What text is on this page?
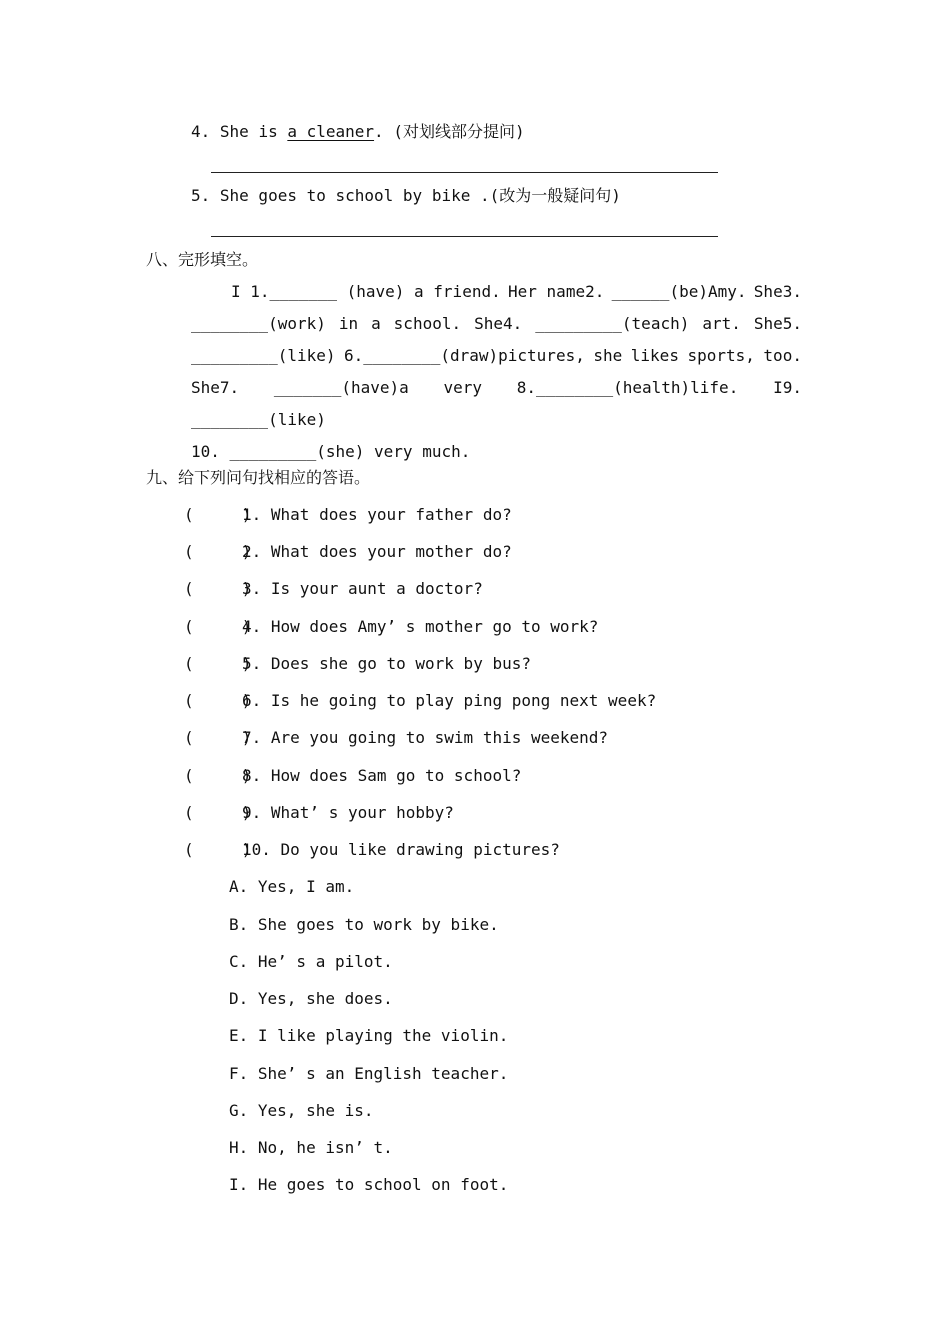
4. She is a cleaner. (对划线部分提问)
5. She goes to school by bike .(改为一般疑问句)
八、完形填空。
I 1._______ (have) a friend. Her name2. ______(be)Amy. She3.
________(work) in a school. She4. _________(teach) art. She5.
_________(like) 6.________(draw)pictures, she likes sports, too.
She7. _______(have)a very 8.________(health)life. I9.
________(like)
10. _________(she) very much.
九、给下列问句找相应的答语。
(     )1. What does your father do?
(     )2. What does your mother do?
(     )3. Is your aunt a doctor?
(     )4. How does Amy’ s mother go to work?
(     )5. Does she go to work by bus?
(     )6. Is he going to play ping pong next week?
(     )7. Are you going to swim this weekend?
(     )8. How does Sam go to school?
(     )9. What’ s your hobby?
(     )10. Do you like drawing pictures?
A. Yes, I am.
B. She goes to work by bike.
C. He’ s a pilot.
D. Yes, she does.
E. I like playing the violin.
F. She’ s an English teacher.
G. Yes, she is.
H. No, he isn’ t.
I. He goes to school on foot.
